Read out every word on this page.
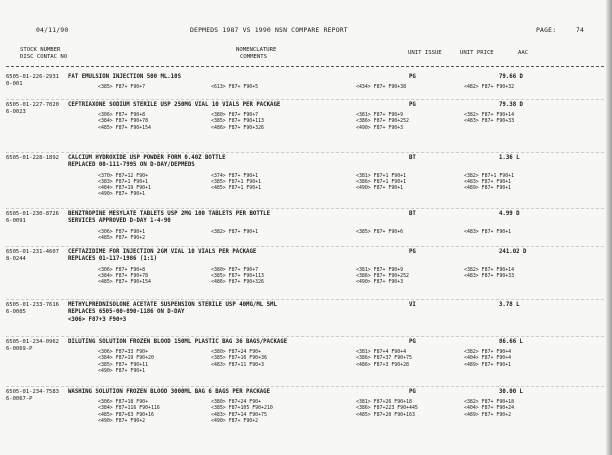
04/11/90	DEPMEDS 1987 VS 1990 NSN COMPARE REPORT	PAGE:	74
STOCK NUMBER
DISC CONTAC NO
NOMENCLATURE
COMMENTS
UNIT ISSUE	UNIT PRICE	AAC
6505-01-226-2931
0-001
FAT EMULSION INJECTION 500 ML.10S	PG	79.66 D
<385> F87+ F90+7	<613> F87+ F90+5	<434> F87+ F90+38	<482> F87+ F90+32
6505-01-227-7020
6-0023
CEFTRIAXONE SODIUM STERILE USP 250MG VIAL 10 VIALS PER PACKAGE	PG	79.38 D
<306> F87+ F90+8	<380> F87+ F90+7	<381> F87+ F90+9	<382> F87+ F90+14
<384> F87+ F90+78	<385> F87+ F90+113	<386> F87+ F90+252	<483> F87+ F90+33
<485> F87+ F90+154	<486> F87+ F90+326	<490> F87+ F90+3
6505-01-228-1892 CALCIUM HYDROXIDE USP POWDER FORM 0.40Z BOTTLE
REPLACED 00-111-7995 ON D-DAY/DEPMEDS
BT	1.36 L
<370> F87+12 F90+	<374> F87+ F90+1	<381> F87+1 F90+1	<382> F87+1 F90+1
<383> F87+1 F90+1	<385> F87+1 F90+1	<386> F87+1 F90+1	<483> F87+ F90+1
<484> F87+19 F90+1	<485> F87+1 F90+1	<490> F87+ F90+1	<489> F87+ F90+1
<490> F87+ F90+1
6505-01-230-8726
6-0091
BENZTROPINE MESYLATE TABLETS USP 2MG 100 TABLETS PER BOTTLE
SERVICES APPROVED D-DAY 1-4-90
BT	4.99 D
<306> F87+ F90+1	<382> F87+ F90+1	<385> F87+ F90+6	<483> F87+ F90+1
<485> F87+ F90+2
6505-01-231-4607
8-0244
CEFTAZIDIME FOR INJECTION 2GM VIAL 10 VIALS PER PACKAGE
REPLACES 01-117-1986 (1:1)
PG	241.02 D
<306> F87+ F90+8	<380> F87+ F90+7	<381> F87+ F90+9	<382> F87+ F90+14
<384> F87+ F90+78	<385> F87+ F90+113	<386> F87+ F90+252	<483> F87+ F90+33
<485> F87+ F90+154	<486> F87+ F90+326	<490> F87+ F90+3
6505-01-233-7616
6-0085
METHYLPREDNISOLONE ACETATE SUSPENSION STERILE USP 40MG/ML 5ML
REPLACES 6505-00-890-1186 ON D-DAY
<306> F87+3 F90+3
VI	3.78 L
6505-01-234-0962
6-0069-P
DILUTING SOLUTION FROZEN BLOOD 150ML PLASTIC BAG 36 BAGS/PACKAGE	PG	86.66 L
<306> F87+33 F90+	<380> F87+24 F90+	<381> F87+4 F90+4	<382> F87+ F90+4
<384> F87+19 F90+20	<385> F87+16 F90+36	<386> F87+37 F90+75	<404> F87+ F90+4
<385> F87+ F90+11	<483> F87+11 F90+3	<486> F87+3 F90+28	<489> F87+ F90+1
<490> F87+ F90+1
6505-01-234-7583
6-0067-P
WASHING SOLUTION FROZEN BLOOD 3000ML BAG 6 BAGS PER PACKAGE	PG	30.00 L
<306> F87+18 F90+	<380> F87+24 F90+	<381> F87+26 F90+18	<382> F87+ F90+18
<384> F87+116 F90+116	<385> F87+105 F90+210	<386> F87+223 F90+445	<404> F87+ F90+24
<485> F87+63 F90+16	<483> F87+14 F90+75	<485> F87+20 F90+163	<489> F87+ F90+2
<490> F87+ F90+2	<490> F87+ F90+2
